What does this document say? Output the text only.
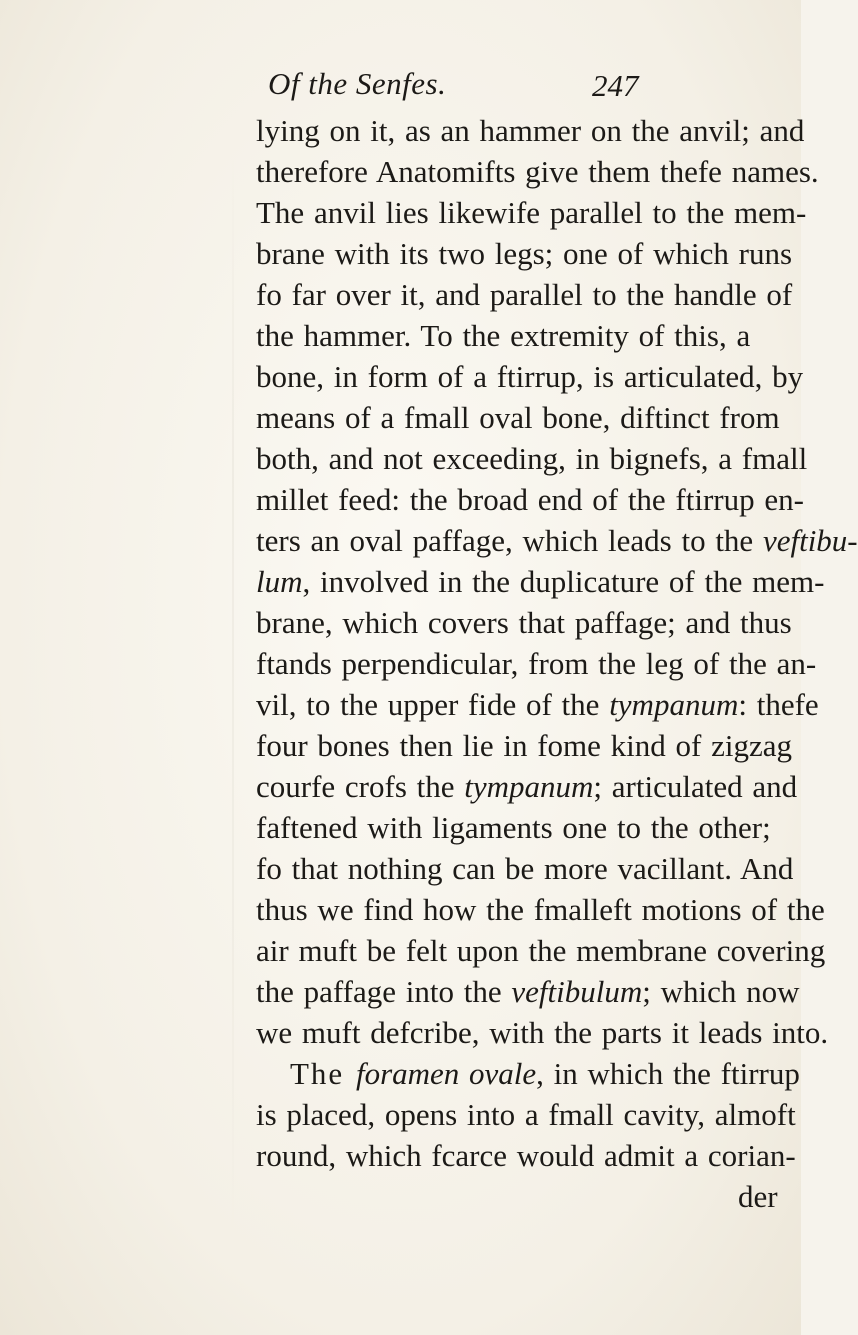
Of the Senfes.	247
lying on it, as an hammer on the anvil; and
therefore Anatomifts give them thefe names.
The anvil lies likewife parallel to the mem-
brane with its two legs; one of which runs
fo far over it, and parallel to the handle of
the hammer. To the extremity of this, a
bone, in form of a ftirrup, is articulated, by
means of a fmall oval bone, diftinct from
both, and not exceeding, in bignefs, a fmall
millet feed: the broad end of the ftirrup en-
ters an oval paffage, which leads to the veftibu-
lum, involved in the duplicature of the mem-
brane, which covers that paffage; and thus
ftands perpendicular, from the leg of the an-
vil, to the upper fide of the tympanum: thefe
four bones then lie in fome kind of zigzag
courfe crofs the tympanum; articulated and
faftened with ligaments one to the other;
fo that nothing can be more vacillant. And
thus we find how the fmalleft motions of the
air muft be felt upon the membrane covering
the paffage into the veftibulum; which now
we muft defcribe, with the parts it leads into.
The foramen ovale, in which the ftirrup
is placed, opens into a fmall cavity, almoft
round, which fcarce would admit a corian-
der
